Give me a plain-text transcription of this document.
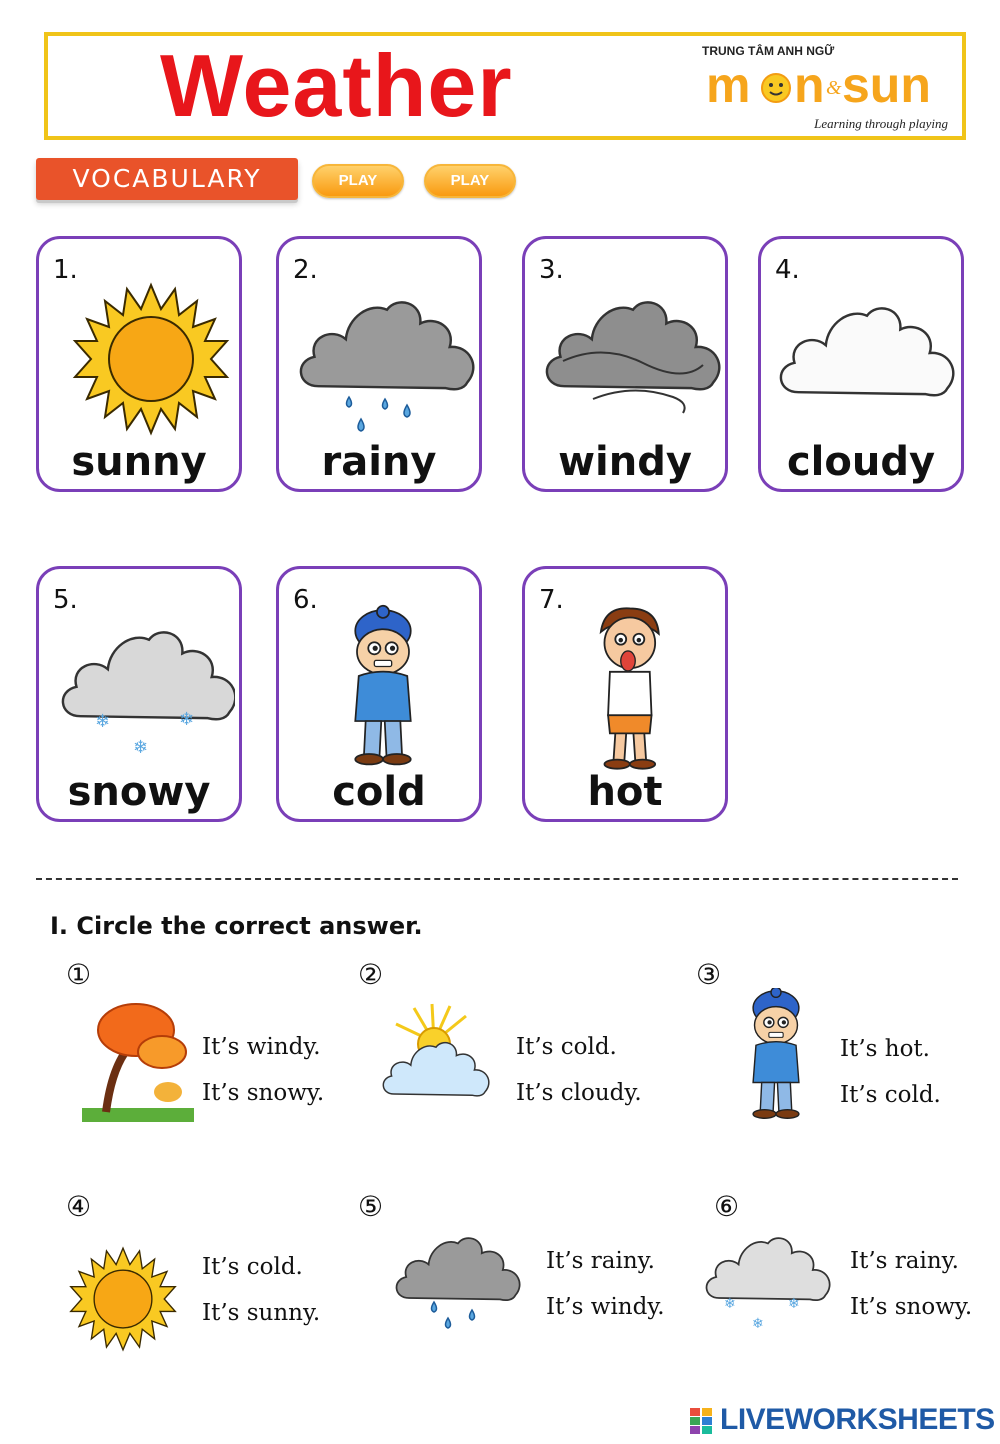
Weather	TRUNG TÂM ANH NGỮ
m n & sun
Learning through playing
VOCABULARY	PLAY	PLAY
1.
sunny
2.
rainy
3.
windy
4.
cloudy
5.
❄	❄
❄
snowy
6.
cold
7.
hot
I. Circle the correct answer.
①
It’s windy.
It’s snowy.
②
It’s cold.
It’s cloudy.
③
It’s hot.
It’s cold.
④
It’s cold.
It’s sunny.
⑤
It’s rainy.
It’s windy.
⑥
❄	❄
❄
It’s rainy.
It’s snowy.
LIVEWORKSHEETS
